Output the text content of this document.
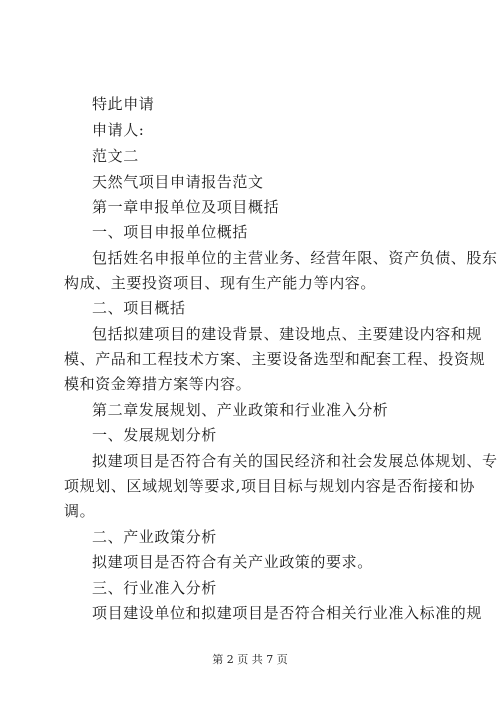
特此申请
申请人:
范文二
天然气项目申请报告范文
第一章申报单位及项目概括
一、项目申报单位概括
包括姓名申报单位的主营业务、经营年限、资产负债、股东
构成、主要投资项目、现有生产能力等内容。
二、项目概括
包括拟建项目的建设背景、建设地点、主要建设内容和规
模、产品和工程技术方案、主要设备选型和配套工程、投资规
模和资金筹措方案等内容。
第二章发展规划、产业政策和行业准入分析
一、发展规划分析
拟建项目是否符合有关的国民经济和社会发展总体规划、专
项规划、区域规划等要求,项目目标与规划内容是否衔接和协
调。
二、产业政策分析
拟建项目是否符合有关产业政策的要求。
三、行业准入分析
项目建设单位和拟建项目是否符合相关行业准入标准的规
第 2 页 共 7 页
